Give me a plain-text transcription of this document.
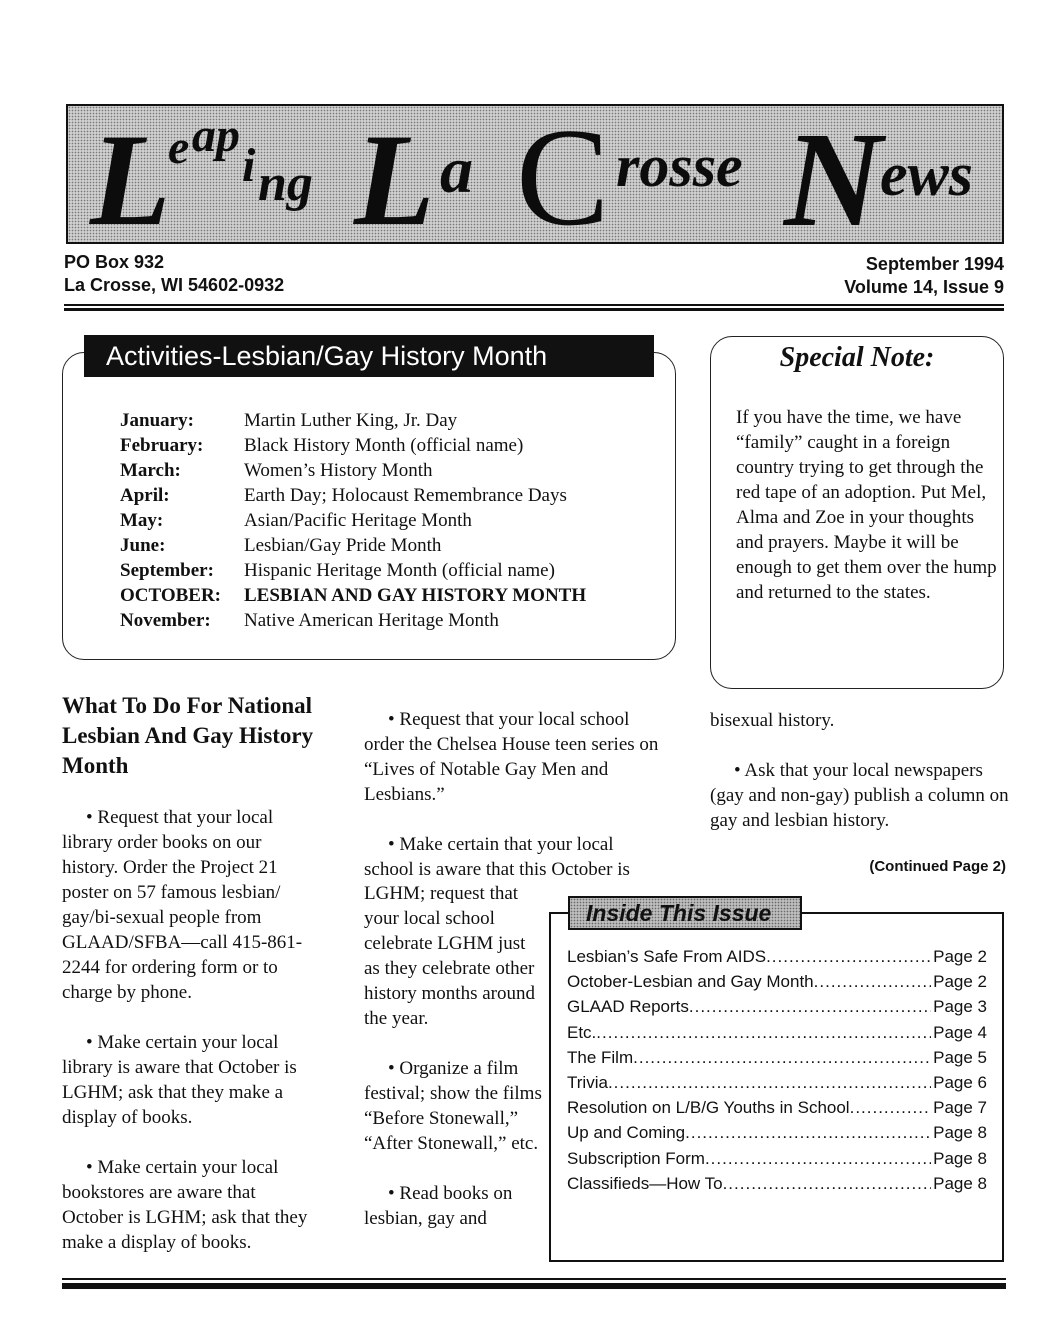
L
e ap
i ng L a C rosse N
ews
PO Box 932
La Crosse, WI 54602-0932
September 1994
Volume 14, Issue 9
Activities-Lesbian/Gay History Month
January:	Martin Luther King, Jr. Day
February:	Black History Month (official name)
March:	Women’s History Month
April:	Earth Day; Holocaust Remembrance Days
May:	Asian/Pacific Heritage Month
June:	Lesbian/Gay Pride Month
September:	Hispanic Heritage Month (official name)
OCTOBER:	LESBIAN AND GAY HISTORY MONTH
November:	Native American Heritage Month
Special Note:
If you have the time, we have “family” caught in a foreign country trying to get through the red tape of an adoption. Put Mel, Alma and Zoe in your thoughts and prayers. Maybe it will be enough to get them over the hump and returned to the states.
What To Do For National Lesbian And Gay History Month

• Request that your local library order books on our history. Order the Project 21 poster on 57 famous lesbian/ gay/bi-sexual people from GLAAD/SFBA—call 415-861-2244 for ordering form or to charge by phone.

• Make certain your local library is aware that October is LGHM; ask that they make a display of books.

• Make certain your local bookstores are aware that October is LGHM; ask that they make a display of books.

• Request that your local school order the Chelsea House teen series on “Lives of Notable Gay Men and Lesbians.”

• Make certain that your local school is aware that this October is

LGHM; request that your local school celebrate LGHM just as they celebrate other history months around the year.

• Organize a film festival; show the films “Before Stonewall,” “After Stonewall,” etc.

• Read books on lesbian, gay and

bisexual history.

• Ask that your local newspapers (gay and non-gay) publish a column on gay and lesbian history.

(Continued Page 2)
Inside This Issue
Lesbian’s Safe From AIDS .....	Page 2
October-Lesbian and Gay Month .....	Page 2
GLAAD Reports .....	Page 3
Etc. .....	Page 4
The Film .....	Page 5
Trivia .....	Page 6
Resolution on L/B/G Youths in School .....	Page 7
Up and Coming .....	Page 8
Subscription Form .....	Page 8
Classifieds—How To .....	Page 8
